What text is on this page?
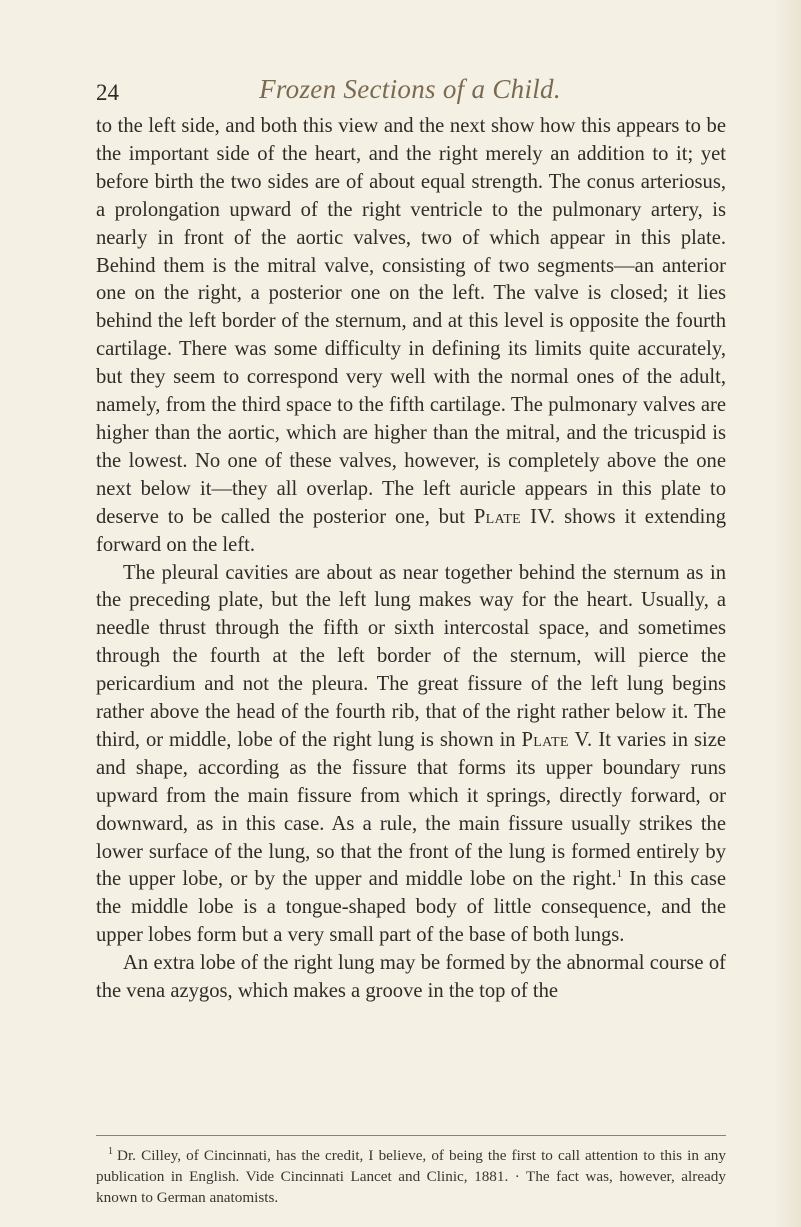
24	Frozen Sections of a Child.

to the left side, and both this view and the next show how this appears to be the important side of the heart, and the right merely an addition to it; yet before birth the two sides are of about equal strength. The conus arteriosus, a prolongation upward of the right ventricle to the pulmonary artery, is nearly in front of the aortic valves, two of which appear in this plate. Behind them is the mitral valve, consisting of two segments—an anterior one on the right, a posterior one on the left. The valve is closed; it lies behind the left border of the sternum, and at this level is opposite the fourth cartilage. There was some difficulty in defining its limits quite accurately, but they seem to correspond very well with the normal ones of the adult, namely, from the third space to the fifth cartilage. The pulmonary valves are higher than the aortic, which are higher than the mitral, and the tricuspid is the lowest. No one of these valves, however, is completely above the one next below it—they all overlap. The left auricle appears in this plate to deserve to be called the posterior one, but Plate IV. shows it extending forward on the left.

The pleural cavities are about as near together behind the sternum as in the preceding plate, but the left lung makes way for the heart. Usually, a needle thrust through the fifth or sixth intercostal space, and sometimes through the fourth at the left border of the sternum, will pierce the pericardium and not the pleura. The great fissure of the left lung begins rather above the head of the fourth rib, that of the right rather below it. The third, or middle, lobe of the right lung is shown in Plate V. It varies in size and shape, according as the fissure that forms its upper boundary runs upward from the main fissure from which it springs, directly forward, or downward, as in this case. As a rule, the main fissure usually strikes the lower surface of the lung, so that the front of the lung is formed entirely by the upper lobe, or by the upper and middle lobe on the right.$^1$ In this case the middle lobe is a tongue-shaped body of little consequence, and the upper lobes form but a very small part of the base of both lungs.

An extra lobe of the right lung may be formed by the abnormal course of the vena azygos, which makes a groove in the top of the

$^1$ Dr. Cilley, of Cincinnati, has the credit, I believe, of being the first to call attention to this in any publication in English. Vide Cincinnati Lancet and Clinic, 1881. · The fact was, however, already known to German anatomists.
